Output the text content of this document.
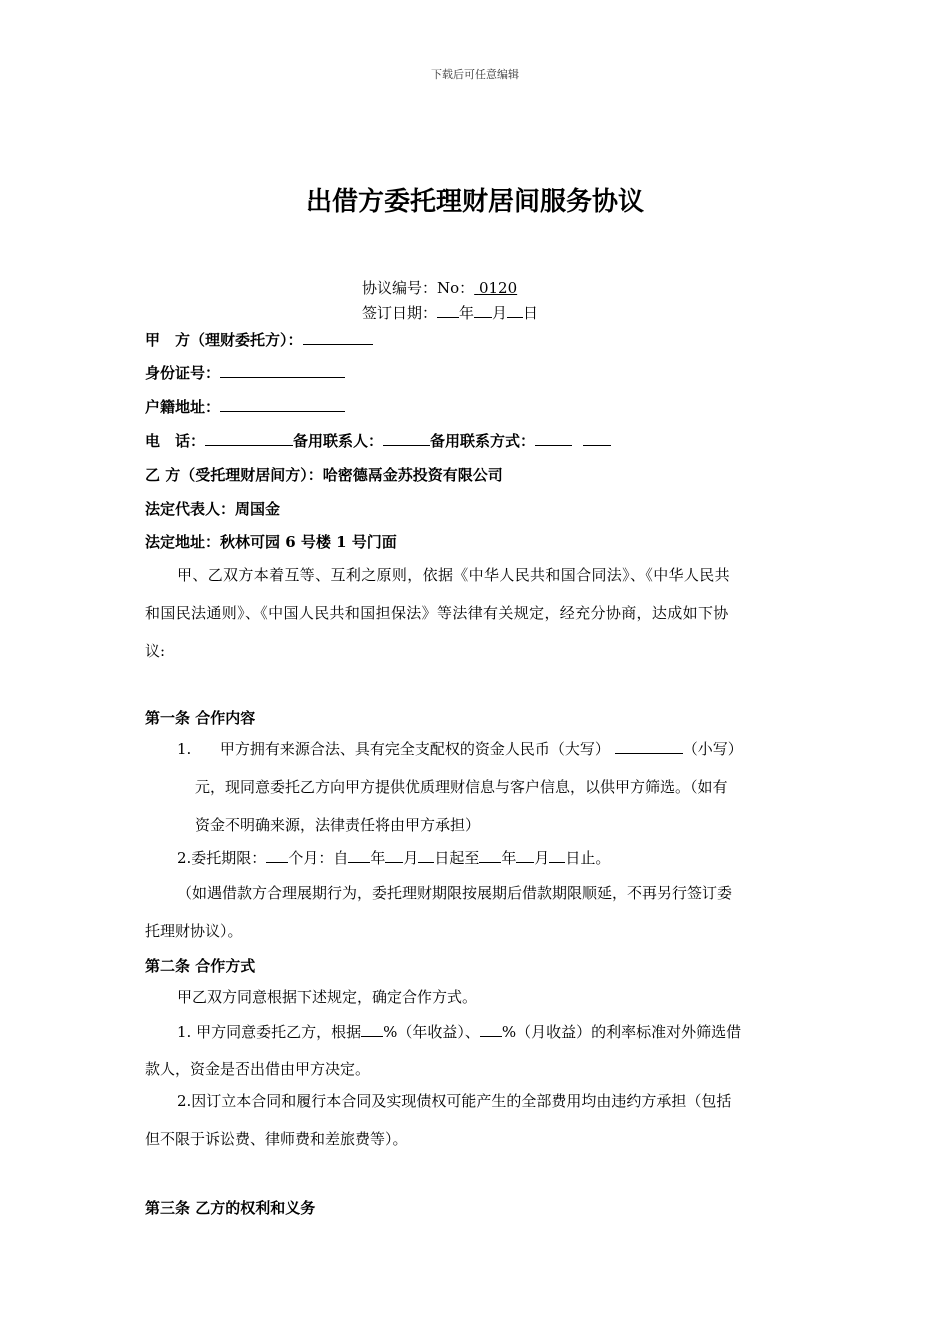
下载后可任意编辑
出借方委托理财居间服务协议
协议编号：No： 0120
签订日期： 年 月 日
甲　方（理财委托方）：
身份证号：
户籍地址：
电　话：	备用联系人：	备用联系方式：
乙 方（受托理财居间方）：哈密德鬲金苏投资有限公司
法定代表人：周国金
法定地址：秋林可园 6 号楼 1 号门面
甲、乙双方本着互等、互利之原则，依据《中华人民共和国合同法》、《中华人民共
和国民法通则》、《中国人民共和国担保法》等法律有关规定，经充分协商，达成如下协
议:
第一条 合作内容
1. 甲方拥有来源合法、具有完全支配权的资金人民币（大写）	（小写）
元，现同意委托乙方向甲方提供优质理财信息与客户信息，以供甲方筛选。（如有
资金不明确来源，法律责任将由甲方承担）
2.委托期限： 个月：自 年 月 日起至 年 月 日止。
（如遇借款方合理展期行为，委托理财期限按展期后借款期限顺延，不再另行签订委
托理财协议）。
第二条 合作方式
甲乙双方同意根据下述规定，确定合作方式。
1. 甲方同意委托乙方，根据 %（年收益）、 %（月收益）的利率标准对外筛选借
款人，资金是否出借由甲方决定。
2.因订立本合同和履行本合同及实现债权可能产生的全部费用均由违约方承担（包括
但不限于诉讼费、律师费和差旅费等）。
第三条 乙方的权利和义务
